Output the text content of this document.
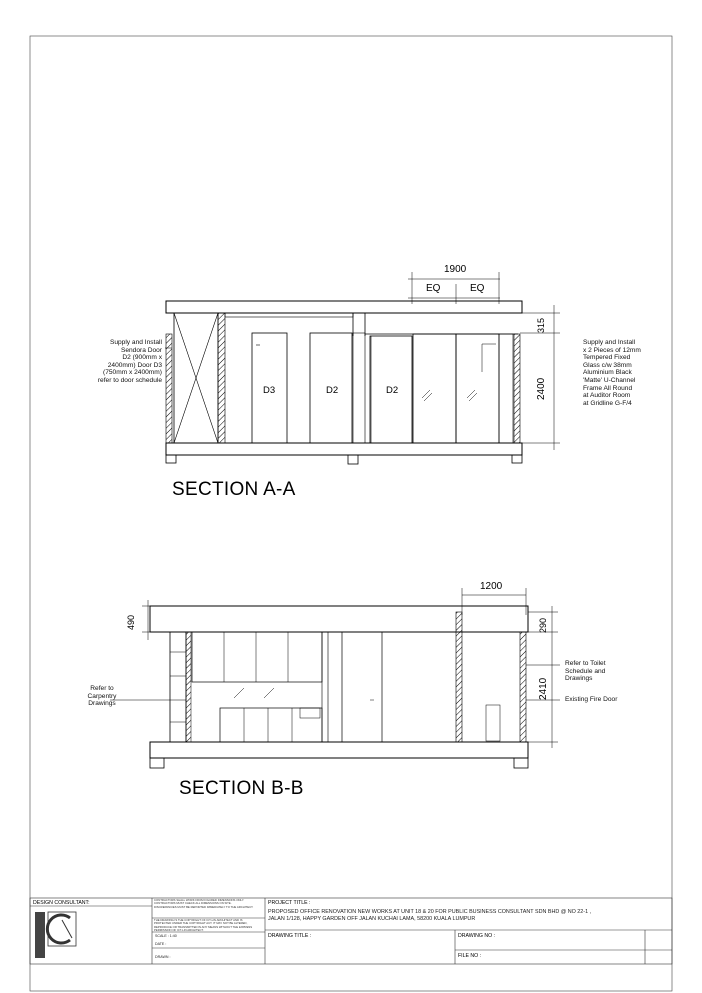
1900
EQ	EQ
315
2400
D3	D2	D2
Supply and Install
Sendora Door
D2 (900mm x
2400mm) Door D3
(750mm x 2400mm)
refer to door schedule
Supply and Install
x 2 Pieces of 12mm
Tempered Fixed
Glass c/w 38mm
Aluminium Black
'Matte' U-Channel
Frame All Round
at Auditor Room
at Gridline G-F/4
SECTION A-A
1200
490	290
2410
Refer to
Carpentry
Drawings
Refer to Toilet
Schedule and
Drawings
Existing Fire Door
SECTION B-B
DESIGN CONSULTANT:	CONTRACTORS SHALL WORK FROM FIGURED DIMENSIONS ONLY.
CONTRACTORS MUST CHECK ALL DIMENSIONS ON SITE.
DISCREPANCIES MUST BE REPORTED IMMEDIATELY TO THE ARCHITECT.
THE DRAWING IS THE COPYRIGHT OF ICT-LIN ARCHITECT AND IS
PROTECTED UNDER THE COPYRIGHT ACT. IT MAY NOT BE ALTERED,
REPRODUCE OR TRANSMITTED IN ANY MEANS WITHOUT THE EXPRESS
PERMISSION OF ICT-LIN ARCHITECT.
SCALE : 1:40
DATE :
DRAWN :
PROJECT TITLE :
PROPOSED OFFICE RENOVATION NEW WORKS AT UNIT 18 & 20 FOR PUBLIC BUSINESS CONSULTANT SDN BHD @ NO 22-1 ,
JALAN 1/128, HAPPY GARDEN OFF JALAN KUCHAI LAMA, 58200 KUALA LUMPUR
DRAWING TITLE :	DRAWING NO :
FILE NO :
